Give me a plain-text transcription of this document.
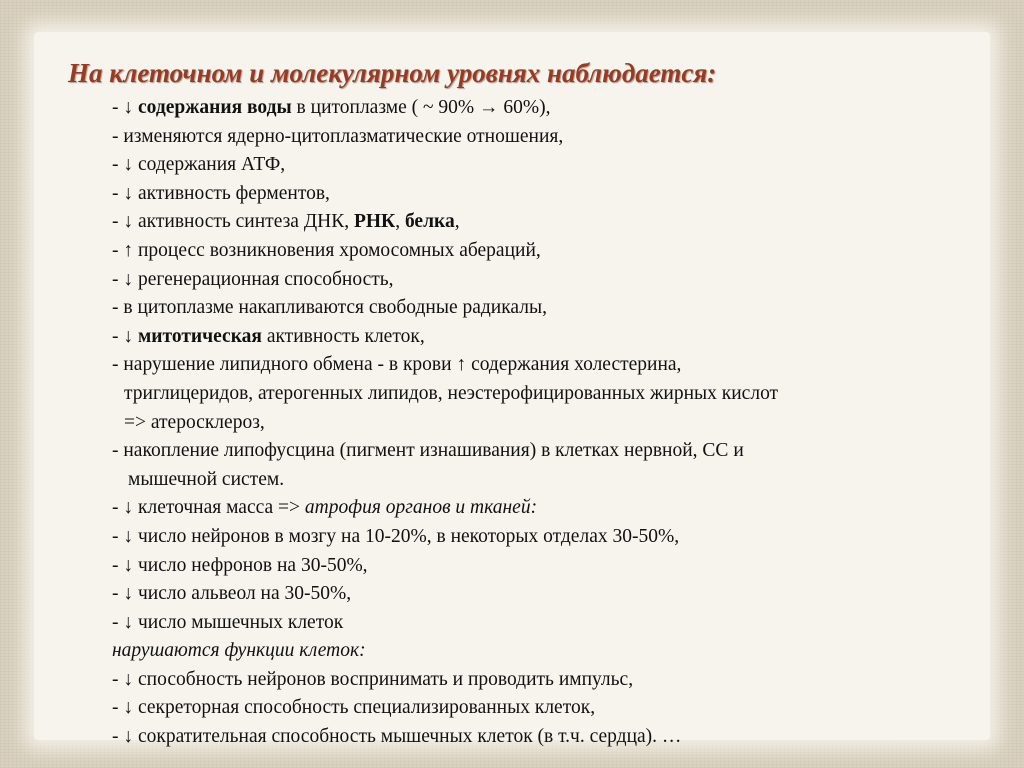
На клеточном и молекулярном уровнях наблюдается:
- ↓ содержания воды в цитоплазме ( ~ 90% → 60%),
- изменяются ядерно-цитоплазматические отношения,
- ↓ содержания АТФ,
- ↓ активность ферментов,
- ↓ активность синтеза ДНК, РНК, белка,
- ↑ процесс возникновения хромосомных абераций,
- ↓ регенерационная способность,
- в цитоплазме накапливаются свободные радикалы,
- ↓ митотическая активность клеток,
- нарушение липидного обмена - в крови ↑ содержания холестерина,
триглицеридов, атерогенных липидов, неэстерофицированных жирных кислот
=> атеросклероз,
- накопление липофусцина (пигмент изнашивания) в клетках нервной, СС и
мышечной систем.
- ↓ клеточная масса => атрофия органов и тканей:
- ↓ число нейронов в мозгу на 10-20%, в некоторых отделах 30-50%,
- ↓ число нефронов на 30-50%,
- ↓ число альвеол на 30-50%,
- ↓ число мышечных клеток
нарушаются функции клеток:
- ↓ способность нейронов воспринимать и проводить импульс,
- ↓ секреторная способность специализированных клеток,
- ↓ сократительная способность мышечных клеток (в т.ч. сердца). …
